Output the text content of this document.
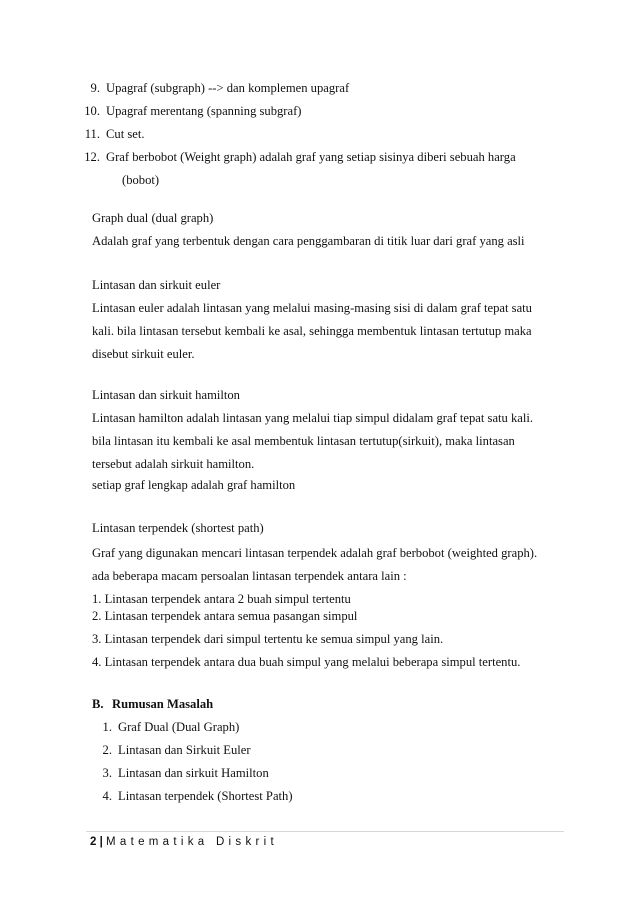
9. Upagraf (subgraph) --> dan komplemen upagraf
10. Upagraf merentang (spanning subgraf)
11. Cut set.
12. Graf berbobot (Weight graph) adalah graf yang setiap sisinya diberi sebuah harga
(bobot)
Graph dual (dual graph)
Adalah graf yang terbentuk dengan cara penggambaran di titik luar dari graf yang asli
Lintasan dan sirkuit euler
Lintasan euler adalah lintasan yang melalui masing-masing sisi di dalam graf tepat satu
kali. bila lintasan tersebut kembali ke asal, sehingga membentuk lintasan tertutup maka
disebut sirkuit euler.
Lintasan dan sirkuit hamilton
Lintasan hamilton adalah lintasan yang melalui tiap simpul didalam graf tepat satu kali.
bila lintasan itu kembali ke asal membentuk lintasan tertutup(sirkuit), maka lintasan
tersebut adalah sirkuit hamilton.
setiap graf lengkap adalah graf hamilton
Lintasan terpendek (shortest path)
Graf yang digunakan mencari lintasan terpendek adalah graf berbobot (weighted graph).
ada beberapa macam persoalan lintasan terpendek antara lain :
1. Lintasan terpendek antara 2 buah simpul tertentu
2. Lintasan terpendek antara semua pasangan simpul
3. Lintasan terpendek dari simpul tertentu ke semua simpul yang lain.
4. Lintasan terpendek antara dua buah simpul yang melalui beberapa simpul tertentu.
B. Rumusan Masalah
1. Graf Dual (Dual Graph)
2. Lintasan dan Sirkuit Euler
3. Lintasan dan sirkuit Hamilton
4. Lintasan terpendek (Shortest Path)
2 | Matematika Diskrit
